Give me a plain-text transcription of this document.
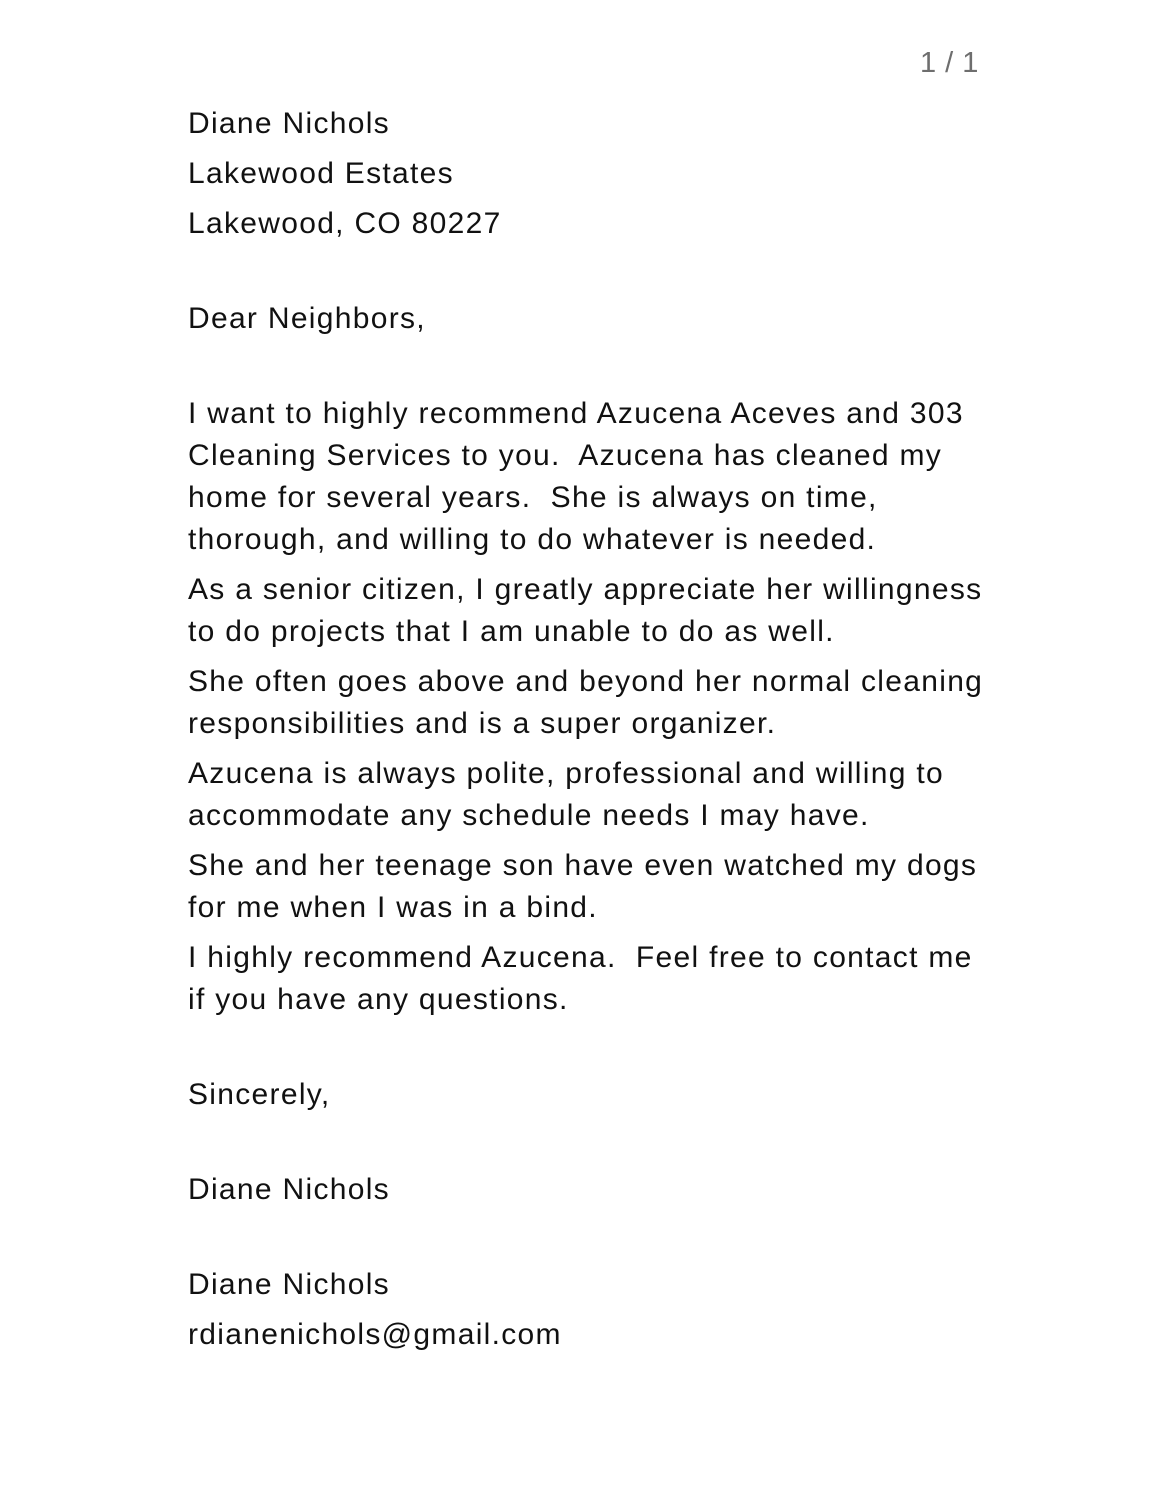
1 / 1

Diane Nichols

Lakewood Estates

Lakewood, CO 80227

Dear Neighbors,

I want to highly recommend Azucena Aceves and 303 Cleaning Services to you.  Azucena has cleaned my home for several years.  She is always on time, thorough, and willing to do whatever is needed.

As a senior citizen, I greatly appreciate her willingness to do projects that I am unable to do as well.

She often goes above and beyond her normal cleaning responsibilities and is a super organizer.

Azucena is always polite, professional and willing to accommodate any schedule needs I may have.

She and her teenage son have even watched my dogs for me when I was in a bind.

I highly recommend Azucena.  Feel free to contact me if you have any questions.

Sincerely,

Diane Nichols

Diane Nichols

rdianenichols@gmail.com
